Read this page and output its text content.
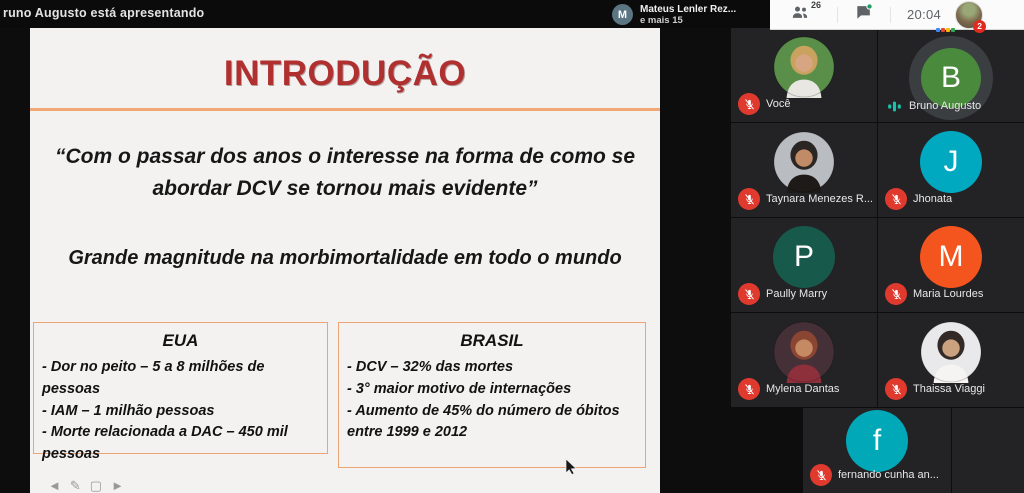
runo Augusto está apresentando	M	Mateus Lenler Rez...
e mais 15
26
20:04
2
INTRODUÇÃO
“Com o passar dos anos o interesse na forma de como se abordar DCV se tornou mais evidente”
Grande magnitude na morbimortalidade em todo o mundo
EUA
- Dor no peito – 5 a 8 milhões de pessoas
- IAM – 1 milhão pessoas
- Morte relacionada a DAC – 450 mil pessoas
BRASIL
- DCV – 32% das mortes
- 3° maior motivo de internações
- Aumento de 45% do número de óbitos entre 1999 e 2012
◄ ✎ ▢ ►
Você
B
Bruno Augusto
Taynara Menezes R...
J
Jhonata
P
Paully Marry
M
Maria Lourdes
Mylena Dantas	Thaissa Viaggi
f
fernando cunha an...
